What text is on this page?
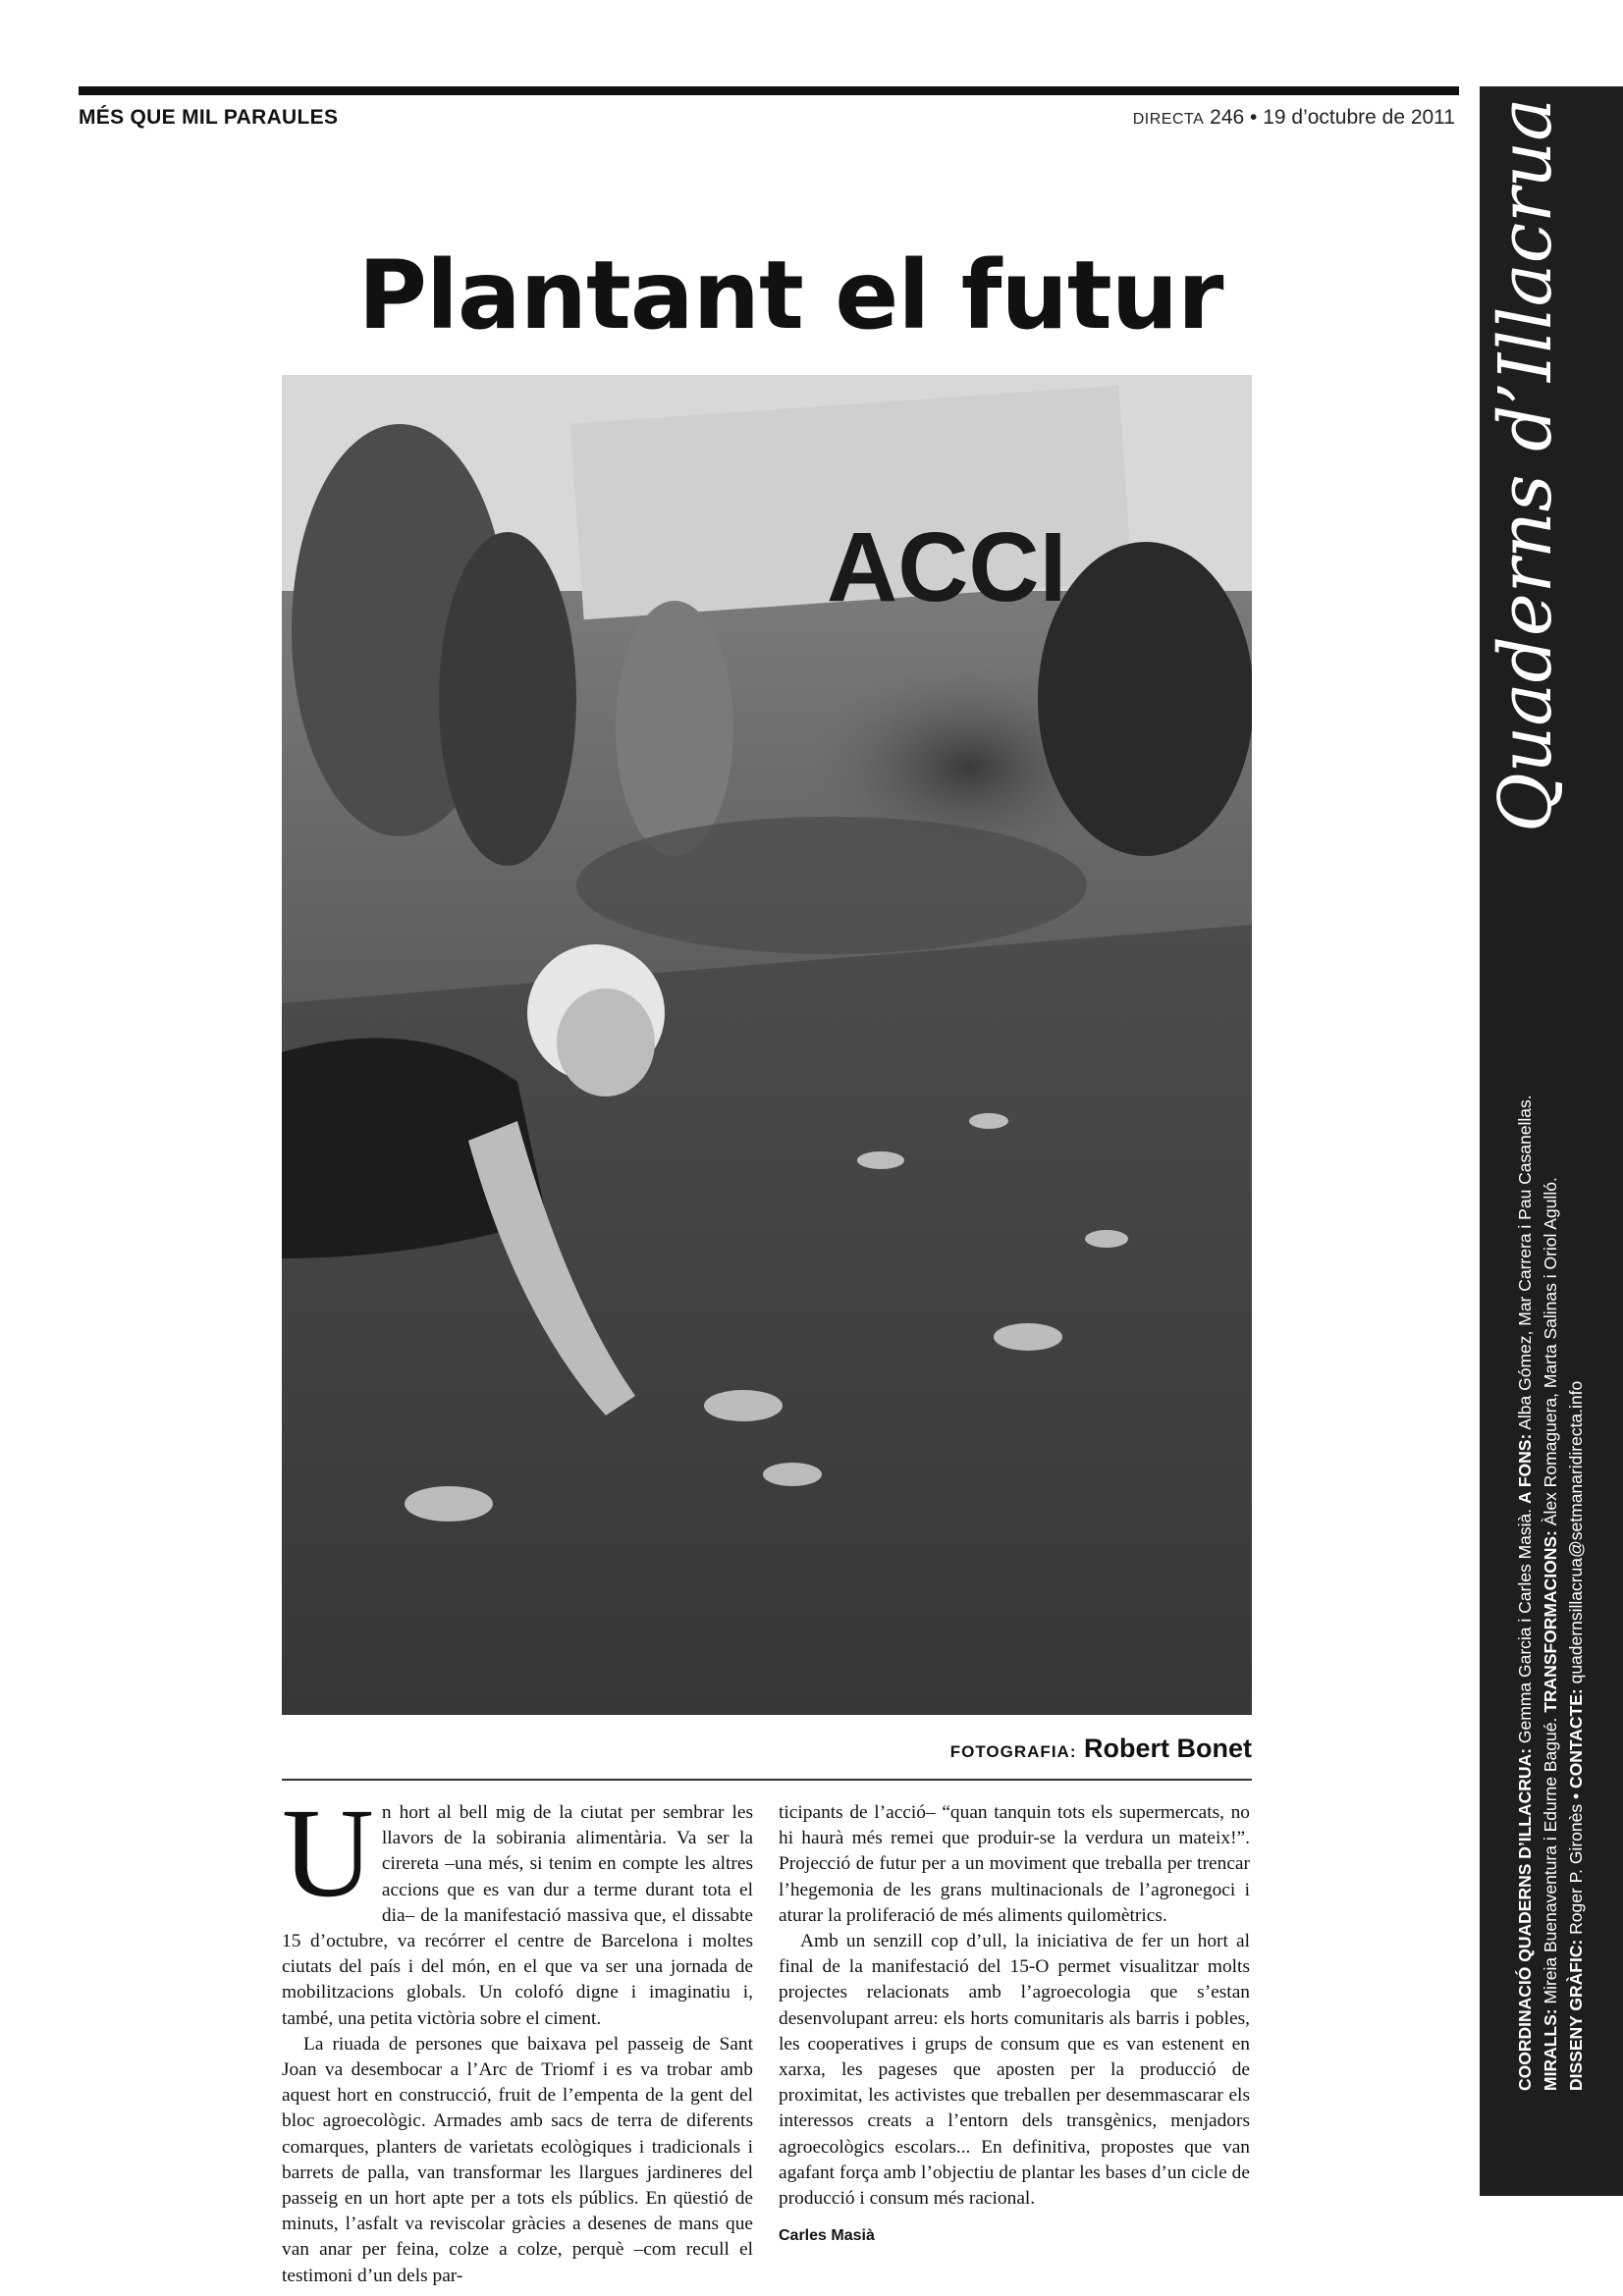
MÉS QUE MIL PARAULES	DIRECTA 246 • 19 d’octubre de 2011 Quaderns d’Illacrua
COORDINACIÓ QUADERNS D’ILLACRUA: Gemma Garcia i Carles Masià. A FONS: Alba Gómez, Mar Carrera i Pau Casanellas.
MIRALLS: Mireia Buenaventura i Edurne Bagué. TRANSFORMACIONS: Àlex Romaguera, Marta Salinas i Oriol Agulló.
DISSENY GRÀFIC: Roger P. Gironès • CONTACTE: quadernsillacrua@setmanaridirecta.info
Plantant el futur
ACCI
FOTOGRAFIA: Robert Bonet

Un hort al bell mig de la ciutat per sembrar les llavors de la sobirania alimentària. Va ser la cirereta –una més, si tenim en compte les altres accions que es van dur a terme durant tota el dia– de la manifestació massiva que, el dissabte 15 d’octubre, va recórrer el centre de Barcelona i moltes ciutats del país i del món, en el que va ser una jornada de mobilitzacions globals. Un colofó digne i imaginatiu i, també, una petita victòria sobre el ciment.

La riuada de persones que baixava pel passeig de Sant Joan va desembocar a l’Arc de Triomf i es va trobar amb aquest hort en construcció, fruit de l’empenta de la gent del bloc agroecològic. Armades amb sacs de terra de diferents comarques, planters de varietats ecològiques i tradicionals i barrets de palla, van transformar les llargues jardineres del passeig en un hort apte per a tots els públics. En qüestió de minuts, l’asfalt va reviscolar gràcies a desenes de mans que van anar per feina, colze a colze, perquè –com recull el testimoni d’un dels par-

ticipants de l’acció– “quan tanquin tots els supermercats, no hi haurà més remei que produir-se la verdura un mateix!”. Projecció de futur per a un moviment que treballa per trencar l’hegemonia de les grans multinacionals de l’agronegoci i aturar la proliferació de més aliments quilomètrics.

Amb un senzill cop d’ull, la iniciativa de fer un hort al final de la manifestació del 15-O permet visualitzar molts projectes relacionats amb l’agroecologia que s’estan desenvolupant arreu: els horts comunitaris als barris i pobles, les cooperatives i grups de consum que es van estenent en xarxa, les pageses que aposten per la producció de proximitat, les activistes que treballen per desemmascarar els interessos creats a l’entorn dels transgènics, menjadors agroecològics escolars... En definitiva, propostes que van agafant força amb l’objectiu de plantar les bases d’un cicle de producció i consum més racional.

Carles Masià
